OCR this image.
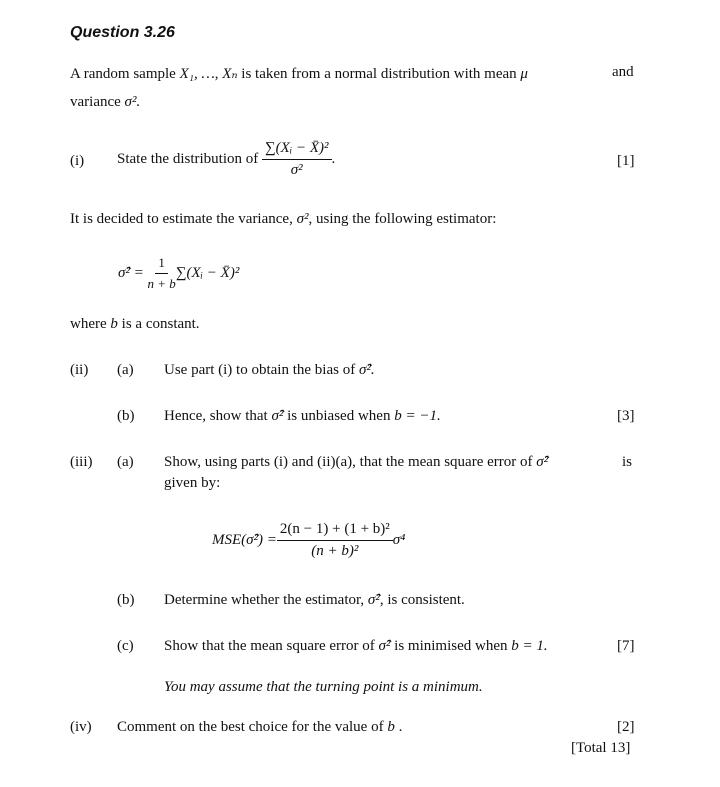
Question 3.26
A random sample X₁, …, Xₙ is taken from a normal distribution with mean μ	and
variance σ².
(i) State the distribution of
$\frac{\text{∑(Xᵢ − X̄)²}}{\text{σ²}}$ .	[1]
It is decided to estimate the variance, σ², using the following estimator:
σ̂² =
$\frac{1}{n + b}$ ∑(Xᵢ − X̄)²
where b is a constant.
(ii) (a) Use part (i) to obtain the bias of σ̂².
(b) Hence, show that σ̂² is unbiased when b = −1.	[3]
(iii) (a) Show, using parts (i) and (ii)(a), that the mean square error of σ̂²	is
given by:
MSE(σ̂²) = $\frac{\text{2(n − 1) + (1 + b)²}}{\text{(n + b)²}} \sigma^4$
(b) Determine whether the estimator, σ̂², is consistent.
(c) Show that the mean square error of σ̂² is minimised when b = 1.	[7]
You may assume that the turning point is a minimum.
(iv) Comment on the best choice for the value of b .	[2]
[Total 13]
